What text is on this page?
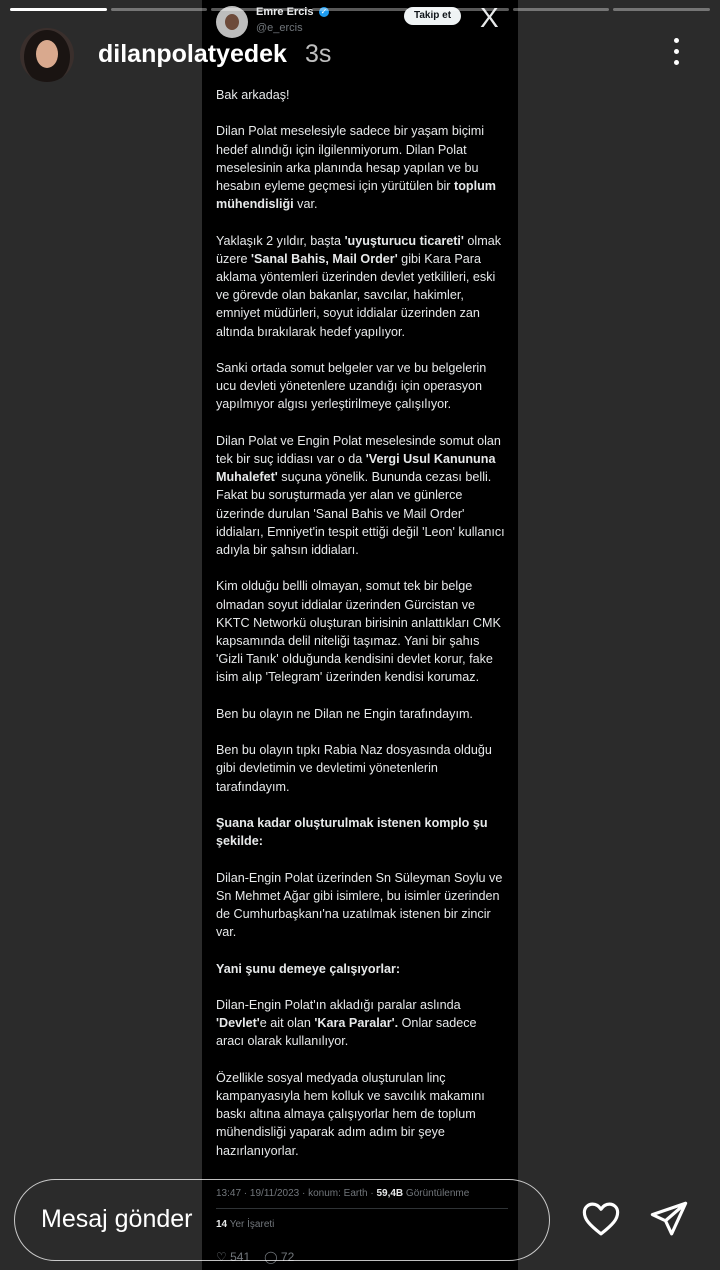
Emre Ercis ✓
@e_ercis
Takip et	X

Bak arkadaş!

Dilan Polat meselesiyle sadece bir yaşam biçimi hedef alındığı için ilgilenmiyorum. Dilan Polat meselesinin arka planında hesap yapılan ve bu hesabın eyleme geçmesi için yürütülen bir toplum mühendisliği var.

Yaklaşık 2 yıldır, başta 'uyuşturucu ticareti' olmak üzere 'Sanal Bahis, Mail Order' gibi Kara Para aklama yöntemleri üzerinden devlet yetkilileri, eski ve görevde olan bakanlar, savcılar, hakimler, emniyet müdürleri, soyut iddialar üzerinden zan altında bırakılarak hedef yapılıyor.

Sanki ortada somut belgeler var ve bu belgelerin ucu devleti yönetenlere uzandığı için operasyon yapılmıyor algısı yerleştirilmeye çalışılıyor.

Dilan Polat ve Engin Polat meselesinde somut olan tek bir suç iddiası var o da 'Vergi Usul Kanununa Muhalefet' suçuna yönelik. Bununda cezası belli. Fakat bu soruşturmada yer alan ve günlerce üzerinde durulan 'Sanal Bahis ve Mail Order' iddiaları, Emniyet'in tespit ettiği değil 'Leon' kullanıcı adıyla bir şahsın iddiaları.

Kim olduğu bellli olmayan, somut tek bir belge olmadan soyut iddialar üzerinden Gürcistan ve KKTC Networkü oluşturan birisinin anlattıkları CMK kapsamında delil niteliği taşımaz. Yani bir şahıs 'Gizli Tanık' olduğunda kendisini devlet korur, fake isim alıp 'Telegram' üzerinden kendisi korumaz.

Ben bu olayın ne Dilan ne Engin tarafındayım.

Ben bu olayın tıpkı Rabia Naz dosyasında olduğu gibi devletimin ve devletimi yönetenlerin tarafındayım.

Şuana kadar oluşturulmak istenen komplo şu şekilde:

Dilan-Engin Polat üzerinden Sn Süleyman Soylu ve Sn Mehmet Ağar gibi isimlere, bu isimler üzerinden de Cumhurbaşkanı'na uzatılmak istenen bir zincir var.

Yani şunu demeye çalışıyorlar:

Dilan-Engin Polat'ın akladığı paralar aslında 'Devlet'e ait olan 'Kara Paralar'. Onlar sadece aracı olarak kullanılıyor.

Özellikle sosyal medyada oluşturulan linç kampanyasıyla hem kolluk ve savcılık makamını baskı altına almaya çalışıyorlar hem de toplum mühendisliği yaparak adım adım bir şeye hazırlanıyorlar.

13:47 · 19/11/2023 · konum: Earth · 59,4B Görüntülenme
14 Yer İşareti
♡ 541 ◯ 72
dilanpolatyedek 3s
Mesaj gönder
